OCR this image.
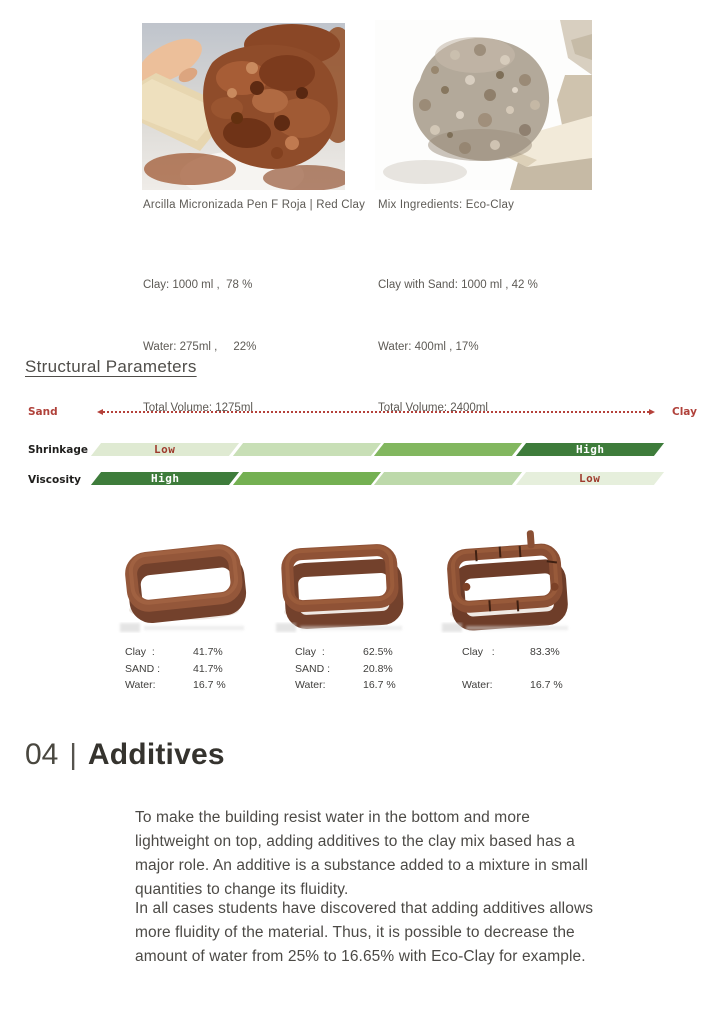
Arcilla Micronizada Pen F Roja | Red Clay

Clay: 1000 ml ,  78 %

Water: 275ml ,     22%

Total Volume: 1275ml

Mix Ingredients: Eco-Clay

Clay with Sand: 1000 ml , 42 %

Water: 400ml , 17%

Total Volume: 2400ml

Structural Parameters
Sand	Clay
Shrinkage	Low	High
Viscosity	High	Low
Clay  :	41.7%
SAND :	41.7%
Water:	16.7 %
Clay  :	62.5%
SAND :	20.8%
Water:	16.7 %
Clay   :	83.3%
Water:	16.7 %
04 | Additives

To make the building resist water in the bottom and more lightweight on top, adding additives to the clay mix based has a major role. An additive is a substance added to a mixture in small quantities to change its fluidity.

In all cases students have discovered that adding additives allows more fluidity of the material. Thus, it is possible to decrease the amount of water from 25% to 16.65% with Eco-Clay for example.
